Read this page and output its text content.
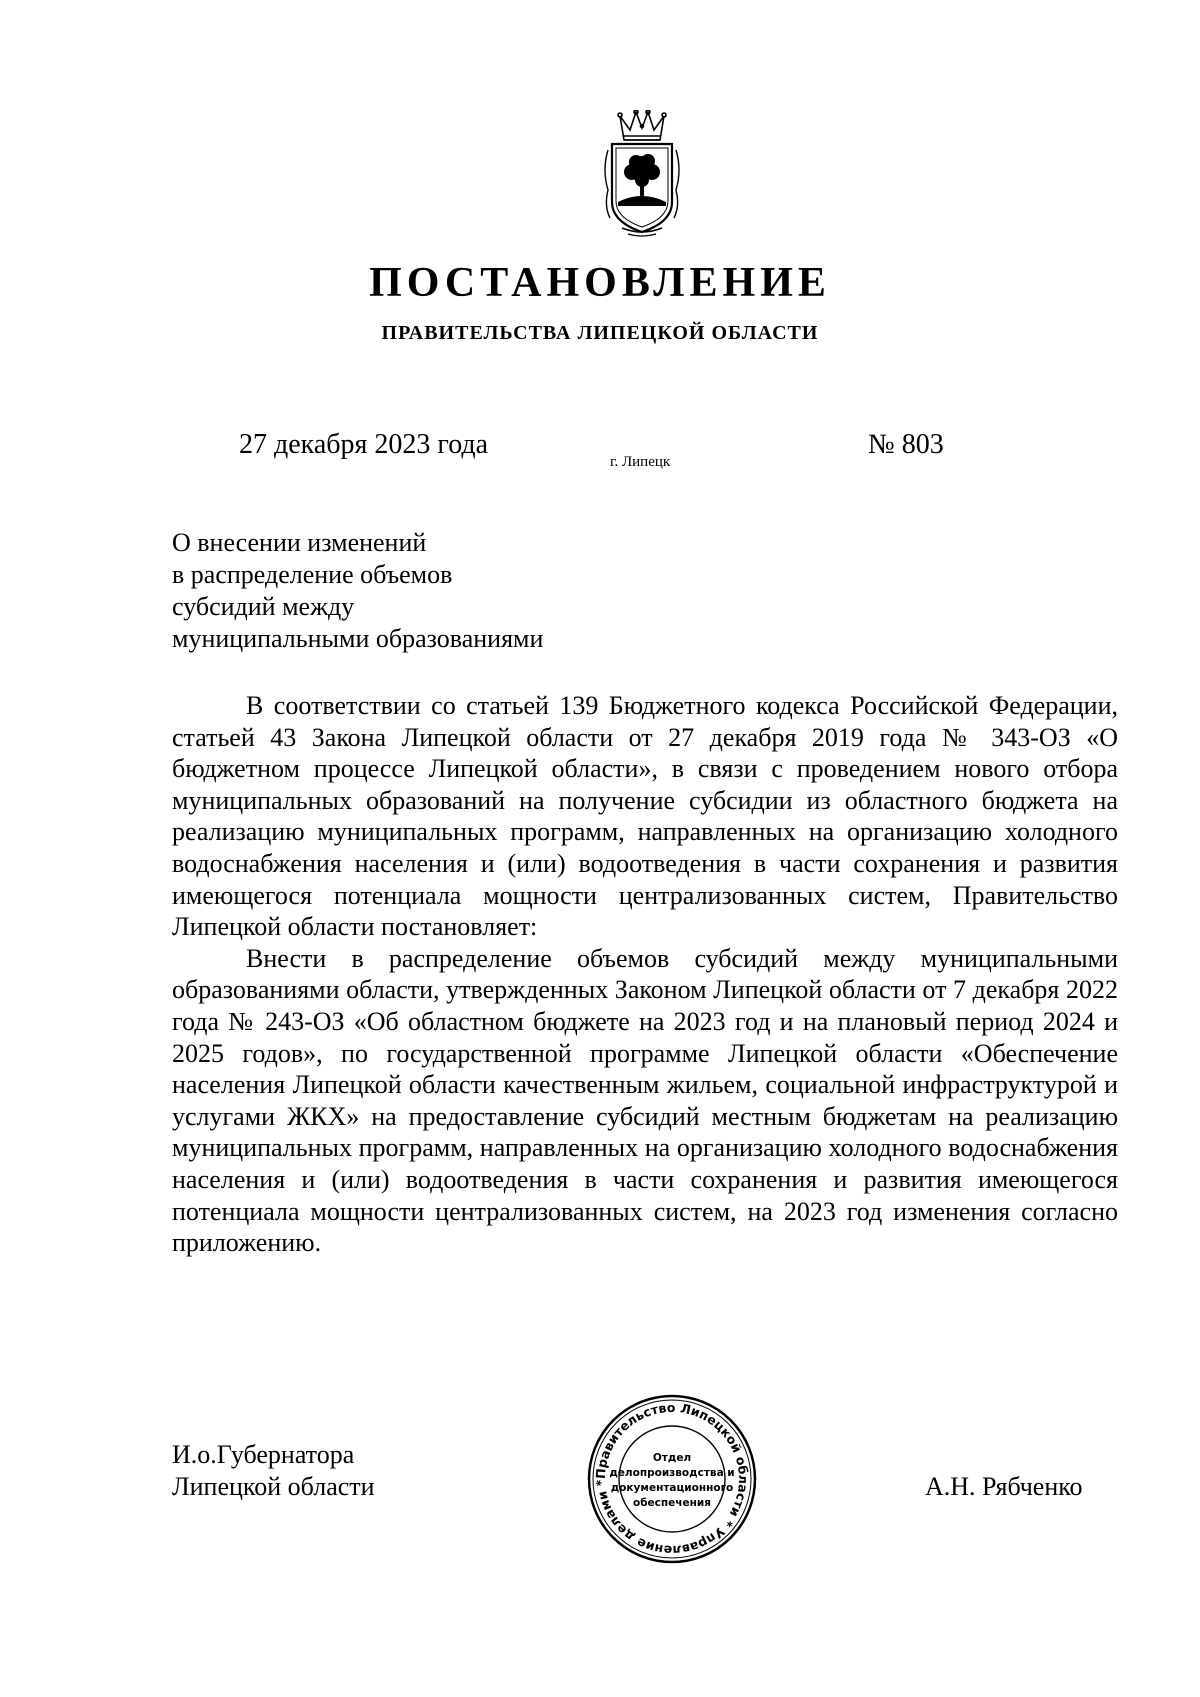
ПОСТАНОВЛЕНИЕ
ПРАВИТЕЛЬСТВА ЛИПЕЦКОЙ ОБЛАСТИ
27 декабря 2023 года
г. Липецк
№ 803
О внесении изменений
в распределение объемов
субсидий между
муниципальными образованиями

В соответствии со статьей 139 Бюджетного кодекса Российской Федерации, статьей 43 Закона Липецкой области от 27 декабря 2019 года № 343-ОЗ «О бюджетном процессе Липецкой области», в связи с проведением нового отбора муниципальных образований на получение субсидии из областного бюджета на реализацию муниципальных программ, направленных на организацию холодного водоснабжения населения и (или) водоотведения в части сохранения и развития имеющегося потенциала мощности централизованных систем, Правительство Липецкой области постановляет:

Внести в распределение объемов субсидий между муниципальными образованиями области, утвержденных Законом Липецкой области от 7 декабря 2022 года № 243-ОЗ «Об областном бюджете на 2023 год и на плановый период 2024 и 2025 годов», по государственной программе Липецкой области «Обеспечение населения Липецкой области качественным жильем, социальной инфраструктурой и услугами ЖКХ» на предоставление субсидий местным бюджетам на реализацию муниципальных программ, направленных на организацию холодного водоснабжения населения и (или) водоотведения в части сохранения и развития имеющегося потенциала мощности централизованных систем, на 2023 год изменения согласно приложению.

И.о.Губернатора
Липецкой области	А.Н. Рябченко
Правительство Липецкой области * Управление делами *
Отдел
делопроизводства и
документационного
обеспечения
